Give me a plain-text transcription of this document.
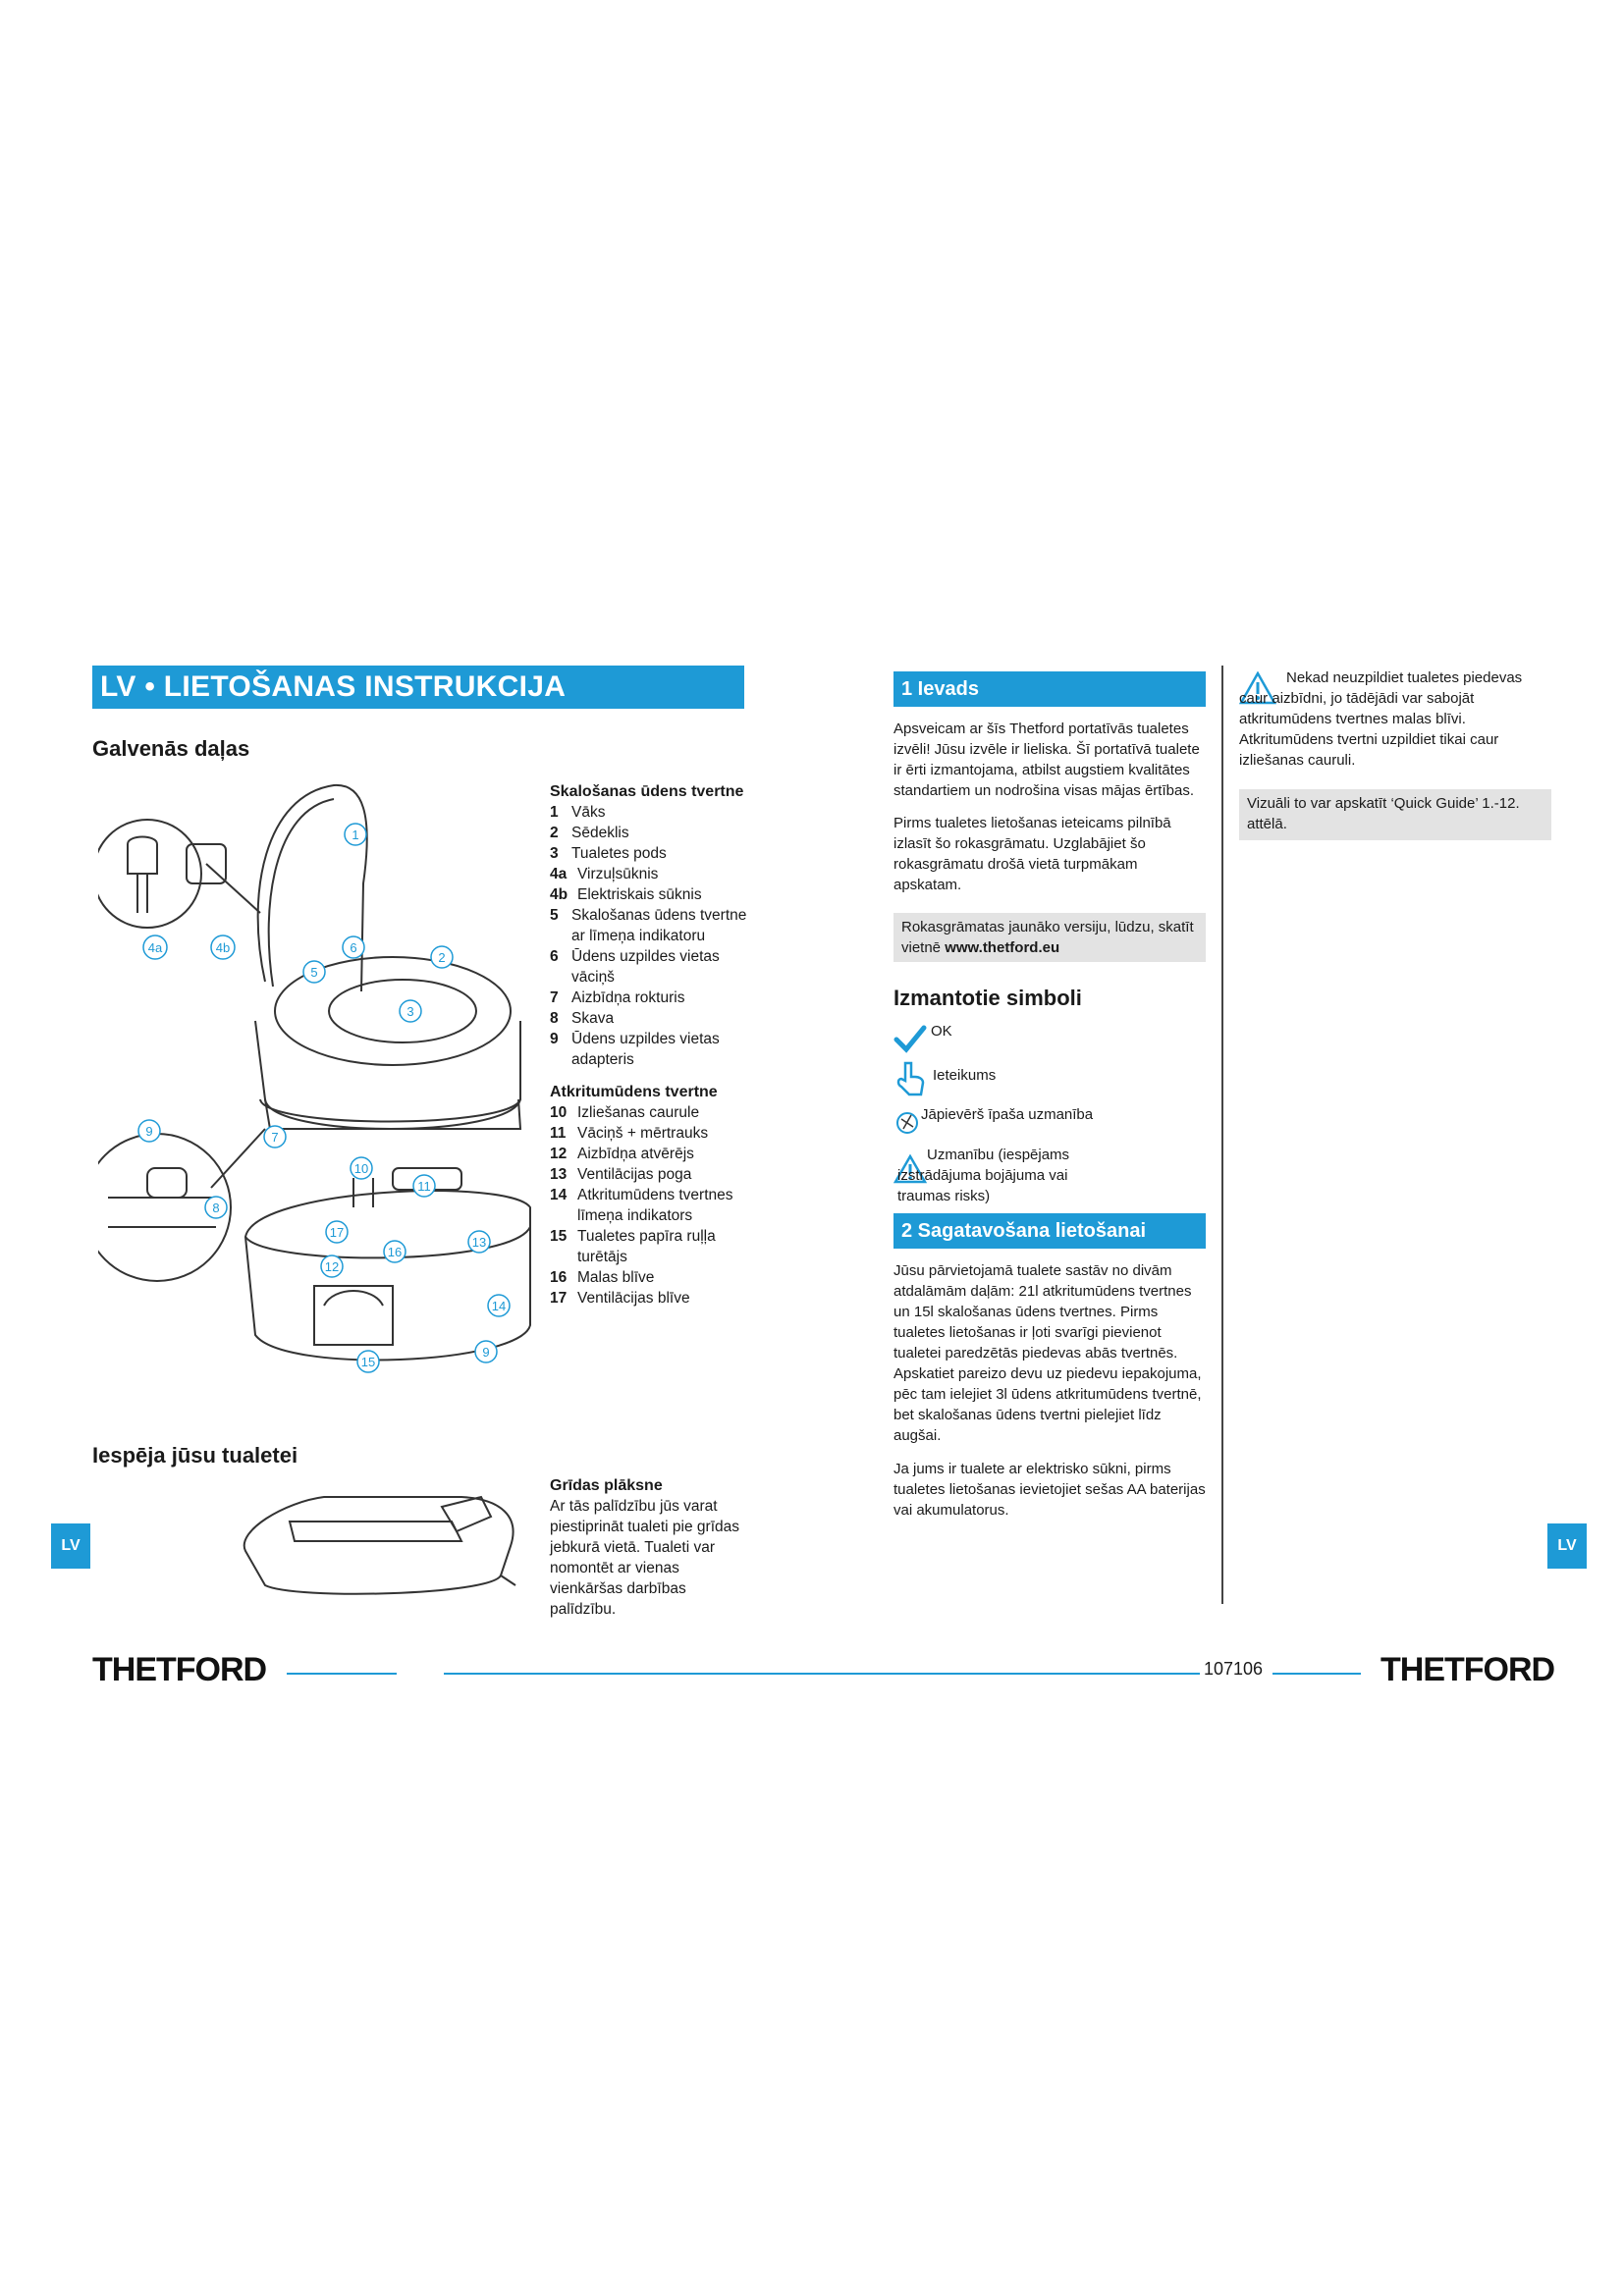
LV • LIETOŠANAS INSTRUKCIJA
Galvenās daļas
Iespēja jūsu tualetei
1
2
3
4a	4b
5
6
7
8
9
9
10
11
12
13
14
15
16
17
Skalošanas ūdens tvertne
1 Vāks
2 Sēdeklis
3 Tualetes pods
4a Virzuļsūknis
4b Elektriskais sūknis
5 Skalošanas ūdens tvertne ar līmeņa indikatoru
6 Ūdens uzpildes vietas vāciņš
7 Aizbīdņa rokturis
8 Skava
9 Ūdens uzpildes vietas adapteris
Atkritumūdens tvertne
10 Izliešanas caurule
11 Vāciņš + mērtrauks
12 Aizbīdņa atvērējs
13 Ventilācijas poga
14 Atkritumūdens tvertnes līmeņa indikators
15 Tualetes papīra ruļļa turētājs
16 Malas blīve
17 Ventilācijas blīve
Grīdas plāksne
Ar tās palīdzību jūs varat piestiprināt tualeti pie grīdas jebkurā vietā. Tualeti var nomontēt ar vienas vienkāršas darbības palīdzību.
1 Ievads
Apsveicam ar šīs Thetford portatīvās tualetes izvēli! Jūsu izvēle ir lieliska. Šī portatīvā tualete ir ērti izmantojama, atbilst augstiem kvalitātes standartiem un nodrošina visas mājas ērtības.
Pirms tualetes lietošanas ieteicams pilnībā izlasīt šo rokasgrāmatu. Uzglabājiet šo rokasgrāmatu drošā vietā turpmākam apskatam.
Rokasgrāmatas jaunāko versiju, lūdzu, skatīt vietnē www.thetford.eu
Izmantotie simboli
OK
Ieteikums
Jāpievērš īpaša uzmanība
Uzmanību (iespējams izstrādājuma bojājuma vai traumas risks)
2 Sagatavošana lietošanai
Jūsu pārvietojamā tualete sastāv no divām atdalāmām daļām: 21l atkritumūdens tvertnes un 15l skalošanas ūdens tvertnes. Pirms tualetes lietošanas ir ļoti svarīgi pievienot tualetei paredzētās piedevas abās tvertnēs. Apskatiet pareizo devu uz piedevu iepakojuma, pēc tam ielejiet 3l ūdens atkritumūdens tvertnē, bet skalošanas ūdens tvertni pielejiet līdz augšai.
Ja jums ir tualete ar elektrisko sūkni, pirms tualetes lietošanas ievietojiet sešas AA baterijas vai akumulatorus.
Nekad neuzpildiet tualetes piedevas caur aizbīdni, jo tādējādi var sabojāt atkritumūdens tvertnes malas blīvi. Atkritumūdens tvertni uzpildiet tikai caur izliešanas cauruli.
Vizuāli to var apskatīt ‘Quick Guide’ 1.-12. attēlā.
LV	LV
THETFORD	107106	THETFORD
